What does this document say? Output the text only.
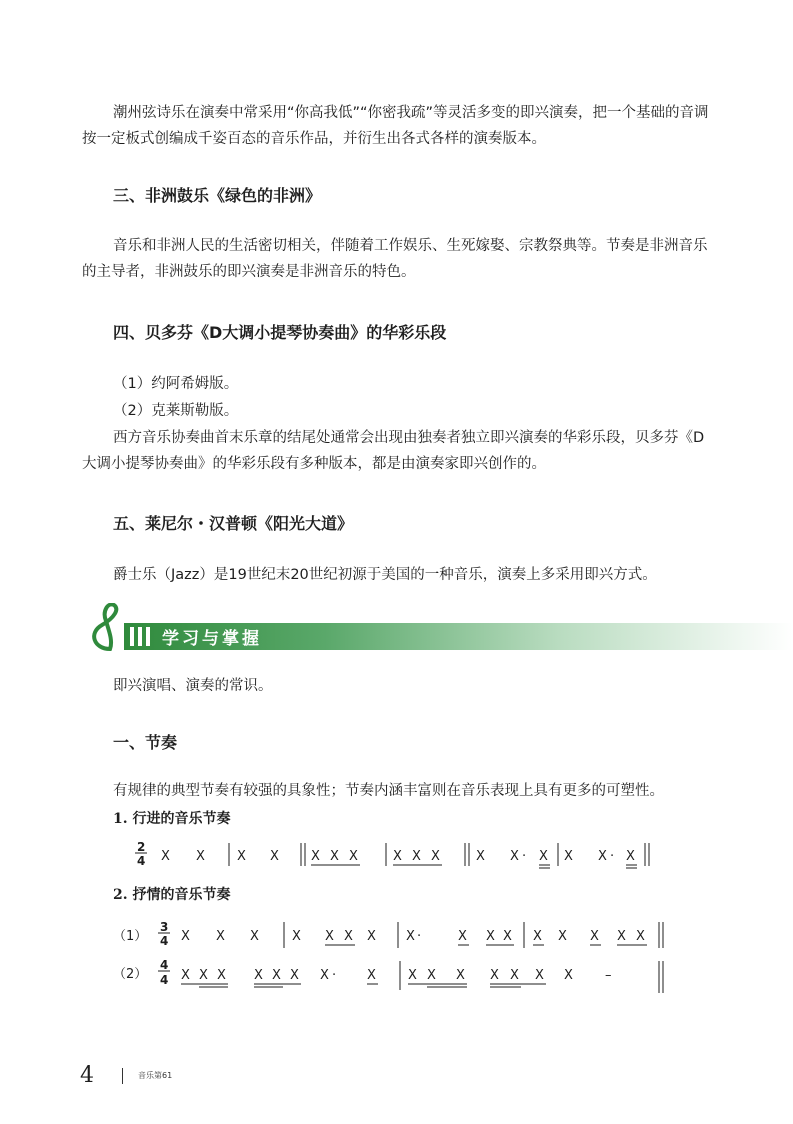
潮州弦诗乐在演奏中常采用“你高我低”“你密我疏”等灵活多变的即兴演奏，把一个基础的音调按一定板式创编成千姿百态的音乐作品，并衍生出各式各样的演奏版本。

三、非洲鼓乐《绿色的非洲》

音乐和非洲人民的生活密切相关，伴随着工作娱乐、生死嫁娶、宗教祭典等。节奏是非洲音乐的主导者，非洲鼓乐的即兴演奏是非洲音乐的特色。

四、贝多芬《D大调小提琴协奏曲》的华彩乐段

（1）约阿希姆版。

（2）克莱斯勒版。

西方音乐协奏曲首末乐章的结尾处通常会出现由独奏者独立即兴演奏的华彩乐段，贝多芬《D大调小提琴协奏曲》的华彩乐段有多种版本，都是由演奏家即兴创作的。

五、莱尼尔・汉普顿《阳光大道》

爵士乐（Jazz）是19世纪末20世纪初源于美国的一种音乐，演奏上多采用即兴方式。

学习与掌握

即兴演唱、演奏的常识。

一、节奏

有规律的典型节奏有较强的具象性；节奏内涵丰富则在音乐表现上具有更多的可塑性。

1. 行进的音乐节奏

2
4 X X X X X X X	X X X	X X · X X X · X

2. 抒情的音乐节奏

（1）
3
4 X X X	X X X X X ·	X X X X X X X X
（2）
4
4 X X X X X X X · X X X X X X X X –
4	音乐第61
